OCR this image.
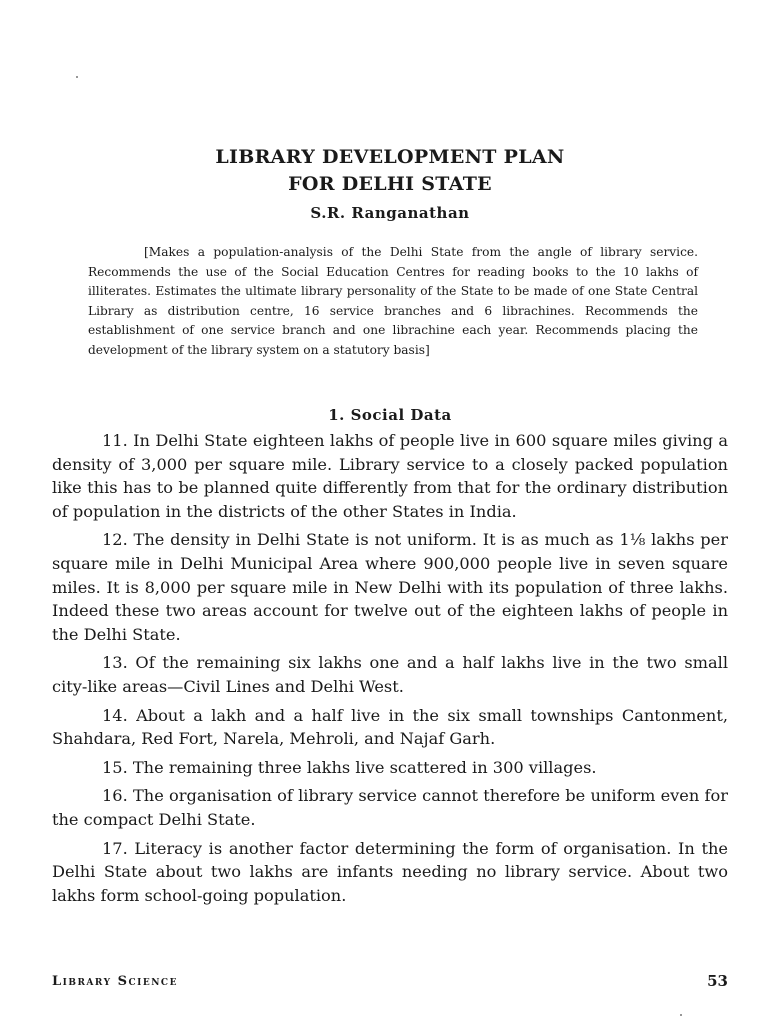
LIBRARY DEVELOPMENT PLAN
FOR DELHI STATE
S.R. Ranganathan
[Makes a population-analysis of the Delhi State from the angle of library service. Recommends the use of the Social Education Centres for reading books to the 10 lakhs of illiterates. Estimates the ultimate library personality of the State to be made of one State Central Library as distribution centre, 16 service branches and 6 librachines. Recommends the establishment of one service branch and one librachine each year. Recommends placing the development of the library system on a statutory basis]
1. Social Data

11. In Delhi State eighteen lakhs of people live in 600 square miles giving a density of 3,000 per square mile. Library service to a closely packed population like this has to be planned quite differently from that for the ordinary distribution of population in the districts of the other States in India.

12. The density in Delhi State is not uniform. It is as much as 1⅛ lakhs per square mile in Delhi Municipal Area where 900,000 people live in seven square miles. It is 8,000 per square mile in New Delhi with its population of three lakhs. Indeed these two areas account for twelve out of the eighteen lakhs of people in the Delhi State.

13. Of the remaining six lakhs one and a half lakhs live in the two small city-like areas—Civil Lines and Delhi West.

14. About a lakh and a half live in the six small townships Cantonment, Shahdara, Red Fort, Narela, Mehroli, and Najaf Garh.

15. The remaining three lakhs live scattered in 300 villages.

16. The organisation of library service cannot therefore be uniform even for the compact Delhi State.

17. Literacy is another factor determining the form of organisation. In the Delhi State about two lakhs are infants needing no library service. About two lakhs form school-going population.

Library Science	53
